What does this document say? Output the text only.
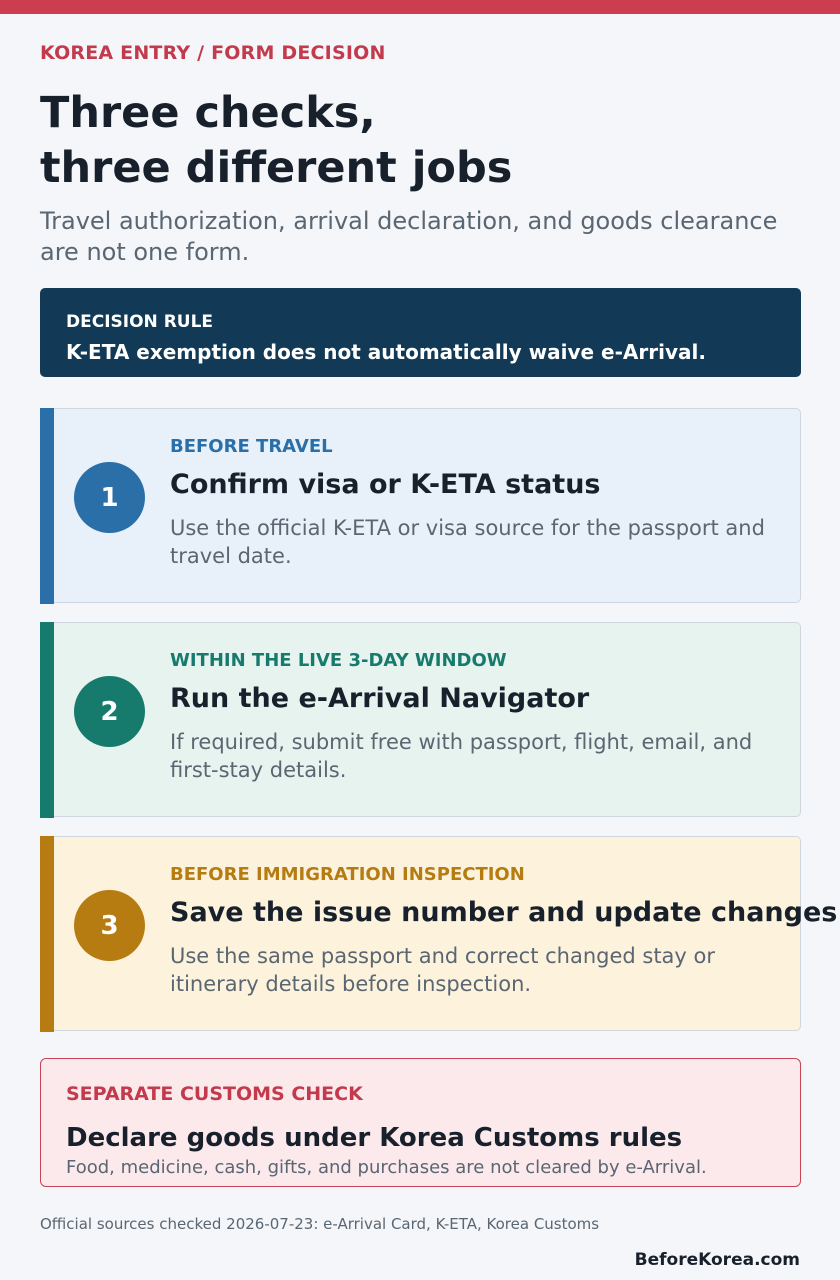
KOREA ENTRY / FORM DECISION
Three checks,
three different jobs

Travel authorization, arrival declaration, and goods clearance are not one form.

DECISION RULE
K-ETA exemption does not automatically waive e-Arrival.
1
BEFORE TRAVEL
Confirm visa or K-ETA status
Use the official K-ETA or visa source for the passport and travel date.
2
WITHIN THE LIVE 3-DAY WINDOW
Run the e-Arrival Navigator
If required, submit free with passport, flight, email, and first-stay details.
3
BEFORE IMMIGRATION INSPECTION
Save the issue number and update changes
Use the same passport and correct changed stay or itinerary details before inspection.
SEPARATE CUSTOMS CHECK
Declare goods under Korea Customs rules
Food, medicine, cash, gifts, and purchases are not cleared by e-Arrival.
Official sources checked 2026-07-23: e-Arrival Card, K-ETA, Korea Customs
BeforeKorea.com
